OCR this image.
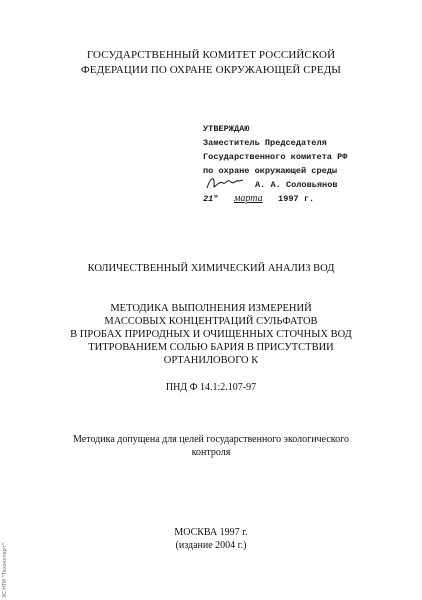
ГОСУДАРСТВЕННЫЙ КОМИТЕТ РОССИЙСКОЙ
ФЕДЕРАЦИИ ПО ОХРАНЕ ОКРУЖАЮЩЕЙ СРЕДЫ
УТВЕРЖДАЮ
Заместитель Председателя
Государственного комитета РФ
по охране окружающей среды
А. А. Соловьянов
21"   марта 1997 г.
КОЛИЧЕСТВЕННЫЙ ХИМИЧЕСКИЙ АНАЛИЗ ВОД
МЕТОДИКА ВЫПОЛНЕНИЯ ИЗМЕРЕНИЙ
МАССОВЫХ КОНЦЕНТРАЦИЙ СУЛЬФАТОВ
В ПРОБАХ ПРИРОДНЫХ И ОЧИЩЕННЫХ СТОЧНЫХ ВОД
ТИТРОВАНИЕМ СОЛЬЮ БАРИЯ В ПРИСУТСТВИИ
ОРТАНИЛОВОГО К
ПНД Ф 14.1:2.107-97
Методика допущена для целей государственного экологического
контроля
МОСКВА 1997 г.
(издание 2004 г.)
ЗС НТИ "Техэксперт"
